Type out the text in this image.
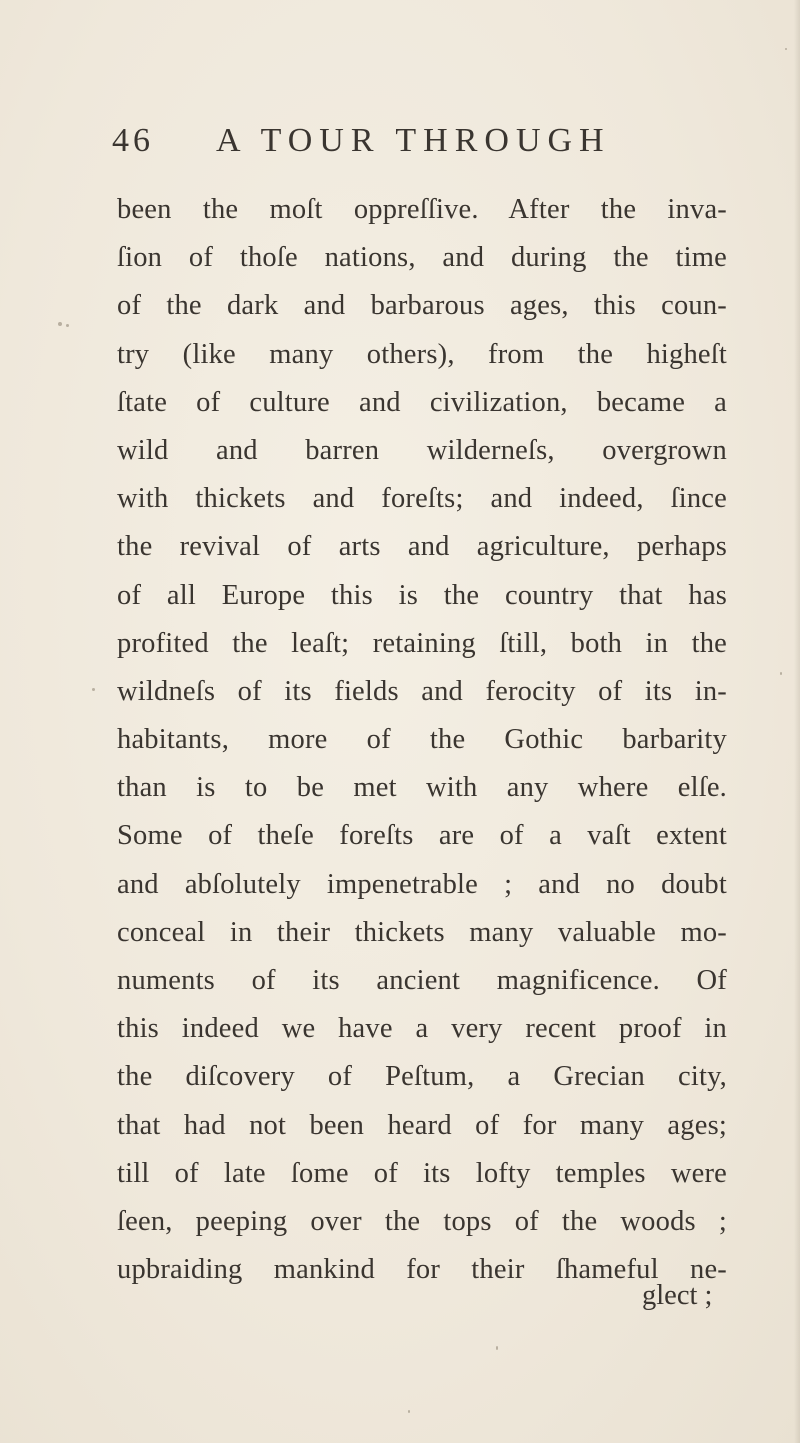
46 A TOUR THROUGH
been the moſt oppreſſive. After the inva-
ſion of thoſe nations, and during the time
of the dark and barbarous ages, this coun-
try (like many others), from the higheſt
ſtate of culture and civilization, became a
wild and barren wilderneſs, overgrown
with thickets and foreſts; and indeed, ſince
the revival of arts and agriculture, perhaps
of all Europe this is the country that has
profited the leaſt; retaining ſtill, both in the
wildneſs of its fields and ferocity of its in-
habitants, more of the Gothic barbarity
than is to be met with any where elſe.
Some of theſe foreſts are of a vaſt extent
and abſolutely impenetrable ; and no doubt
conceal in their thickets many valuable mo-
numents of its ancient magnificence. Of
this indeed we have a very recent proof in
the diſcovery of Peſtum, a Grecian city,
that had not been heard of for many ages;
till of late ſome of its lofty temples were
ſeen, peeping over the tops of the woods ;
upbraiding mankind for their ſhameful ne-
glect ;
